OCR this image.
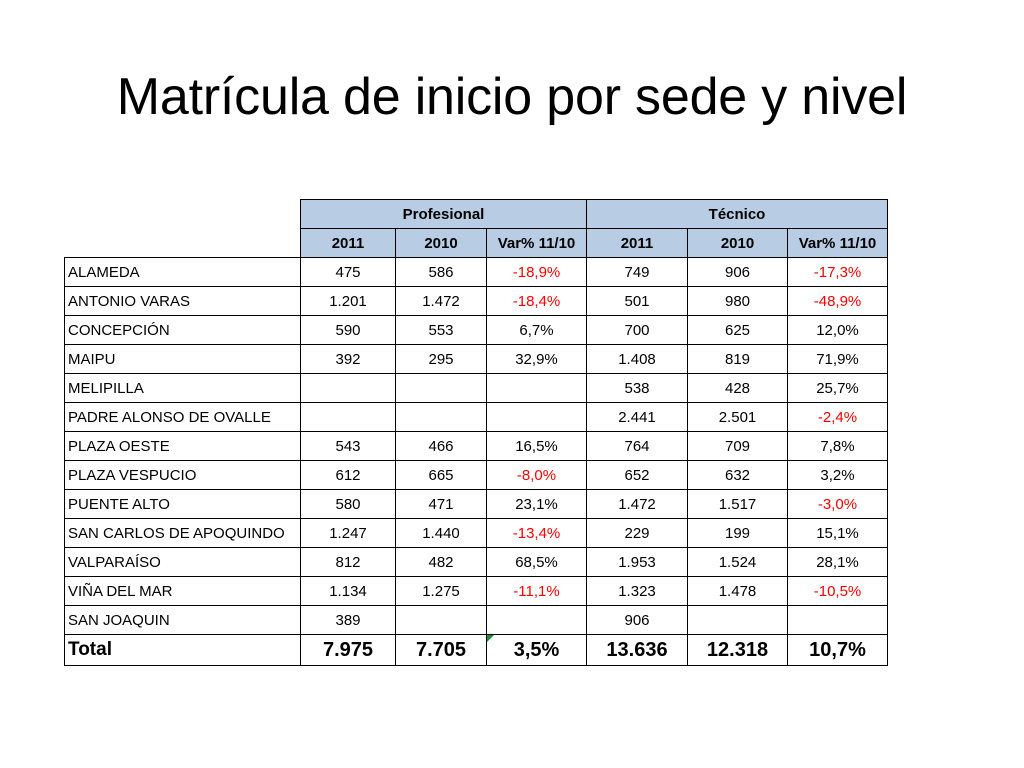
Matrícula de inicio por sede y nivel
	Profesional			Técnico		
	2011	2010	Var% 11/10	2011	2010	Var% 11/10
ALAMEDA	475	586	-18,9%	749	906	-17,3%
ANTONIO VARAS	1.201	1.472	-18,4%	501	980	-48,9%
CONCEPCIÓN	590	553	6,7%	700	625	12,0%
MAIPU	392	295	32,9%	1.408	819	71,9%
MELIPILLA				538	428	25,7%
PADRE ALONSO DE OVALLE				2.441	2.501	-2,4%
PLAZA OESTE	543	466	16,5%	764	709	7,8%
PLAZA VESPUCIO	612	665	-8,0%	652	632	3,2%
PUENTE ALTO	580	471	23,1%	1.472	1.517	-3,0%
SAN CARLOS DE APOQUINDO	1.247	1.440	-13,4%	229	199	15,1%
VALPARAÍSO	812	482	68,5%	1.953	1.524	28,1%
VIÑA DEL MAR	1.134	1.275	-11,1%	1.323	1.478	-10,5%
SAN JOAQUIN	389			906		
Total	7.975	7.705	3,5%	13.636	12.318	10,7%
